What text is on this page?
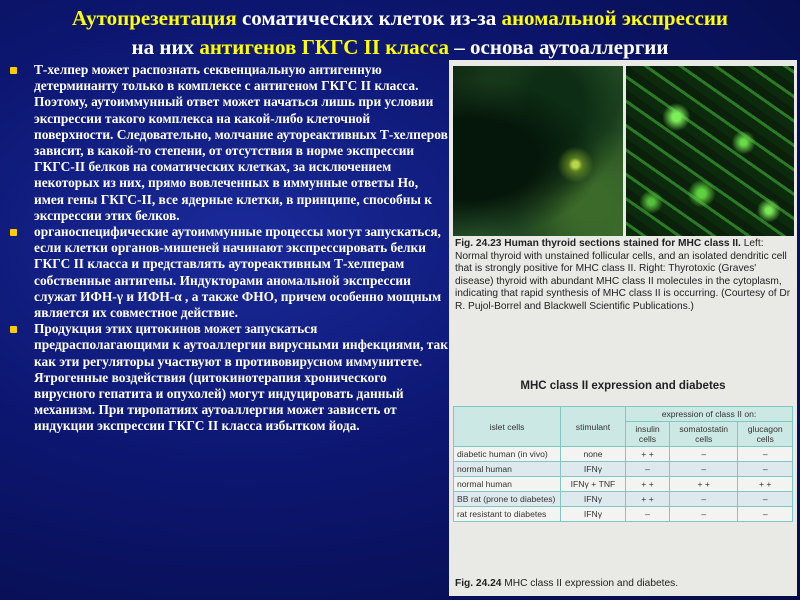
Аутопрезентация соматических клеток из-за аномальной экспрессии
на них антигенов ГКГС II класса – основа аутоаллергии
Т-хелпер может распознать секвенциальную антигенную детерминанту только в комплексе с антигеном ГКГС II класса. Поэтому, аутоиммунный ответ может начаться лишь при условии экспрессии такого комплекса на какой-либо клеточной поверхности. Следовательно, молчание аутореактивных Т-хелперов зависит, в какой-то степени, от отсутствия в норме экспрессии ГКГС-II белков на соматических клетках, за исключением некоторых из них, прямо вовлеченных в иммунные ответы Но, имея гены ГКГС-II, все ядерные клетки, в принципе, способны к экспрессии этих белков.
органоспецифические аутоиммунные процессы могут запускаться, если клетки органов-мишеней начинают экспрессировать белки ГКГС II класса и представлять аутореактивным Т-хелперам собственные антигены. Индукторами аномальной экспрессии служат ИФН-γ и ИФН-α , а также ФНО, причем особенно мощным является их совместное действие.
Продукция этих цитокинов может запускаться предрасполагающими к аутоаллергии вирусными инфекциями, так как эти регуляторы участвуют в противовирусном иммунитете. Ятрогенные воздействия (цитокинотерапия хронического вирусного гепатита и опухолей) могут индуцировать данный механизм. При тиропатиях аутоаллергия может зависеть от индукции экспрессии ГКГС II класса избытком йода.
Fig. 24.23 Human thyroid sections stained for MHC class II. Left: Normal thyroid with unstained follicular cells, and an isolated dendritic cell that is strongly positive for MHC class II. Right: Thyrotoxic (Graves' disease) thyroid with abundant MHC class II molecules in the cytoplasm, indicating that rapid synthesis of MHC class II is occurring. (Courtesy of Dr R. Pujol-Borrel and Blackwell Scientific Publications.)
MHC class II expression and diabetes
islet cells	stimulant	expression of class II on:		
		insulin cells	somatostatin cells	glucagon cells
diabetic human (in vivo)	none	+ +	–	–
normal human	IFNγ	–	–	–
normal human	IFNγ + TNF	+ +	+ +	+ +
BB rat (prone to diabetes)	IFNγ	+ +	–	–
rat resistant to diabetes	IFNγ	–	–	–
Fig. 24.24 MHC class II expression and diabetes.
